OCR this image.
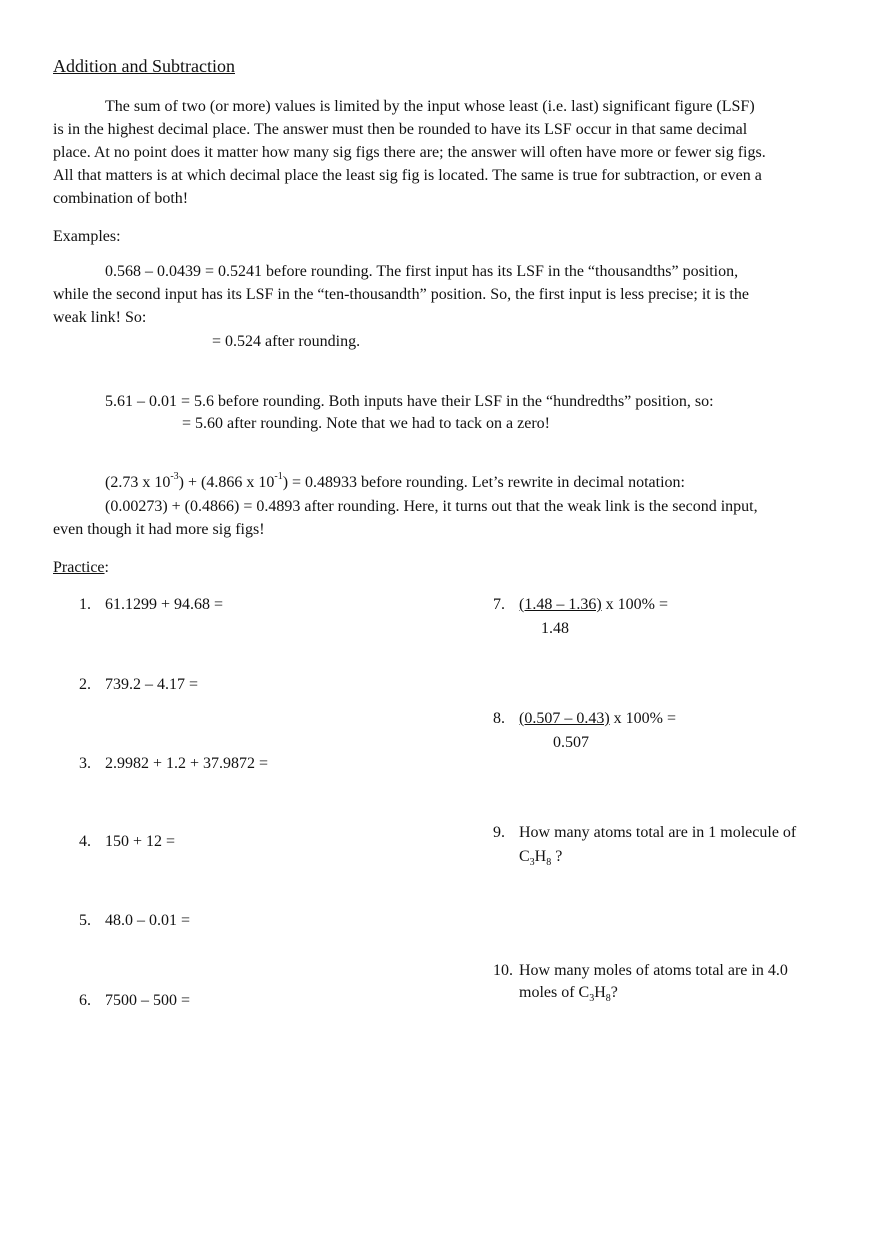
Addition and Subtraction
The sum of two (or more) values is limited by the input whose least (i.e. last) significant figure (LSF)
is in the highest decimal place. The answer must then be rounded to have its LSF occur in that same decimal
place. At no point does it matter how many sig figs there are; the answer will often have more or fewer sig figs.
All that matters is at which decimal place the least sig fig is located. The same is true for subtraction, or even a
combination of both!
Examples:
0.568 – 0.0439 = 0.5241 before rounding. The first input has its LSF in the “thousandths” position,
while the second input has its LSF in the “ten-thousandth” position. So, the first input is less precise; it is the
weak link! So:
= 0.524 after rounding.
5.61 – 0.01 = 5.6 before rounding. Both inputs have their LSF in the “hundredths” position, so:
= 5.60 after rounding. Note that we had to tack on a zero!
(2.73 x $10^{-3}) + (4.866$ x $10^{-1}) = 0.48933$ before rounding. Let’s rewrite in decimal notation:
(0.00273) + (0.4866) = 0.4893 after rounding. Here, it turns out that the weak link is the second input,
even though it had more sig figs!
Practice:
1. 61.1299 + 94.68 =
2. 739.2 – 4.17 =
3. 2.9982 + 1.2 + 37.9872 =
4. 150 + 12 =
5. 48.0 – 0.01 =
6. 7500 – 500 =
7. (1.48 – 1.36) x 100% =
1.48
8. (0.507 – 0.43) x 100% =
0.507
9. How many atoms total are in 1 molecule of
$C_3H_8$ ?
10. How many moles of atoms total are in 4.0
moles of $C_3H_8$?
